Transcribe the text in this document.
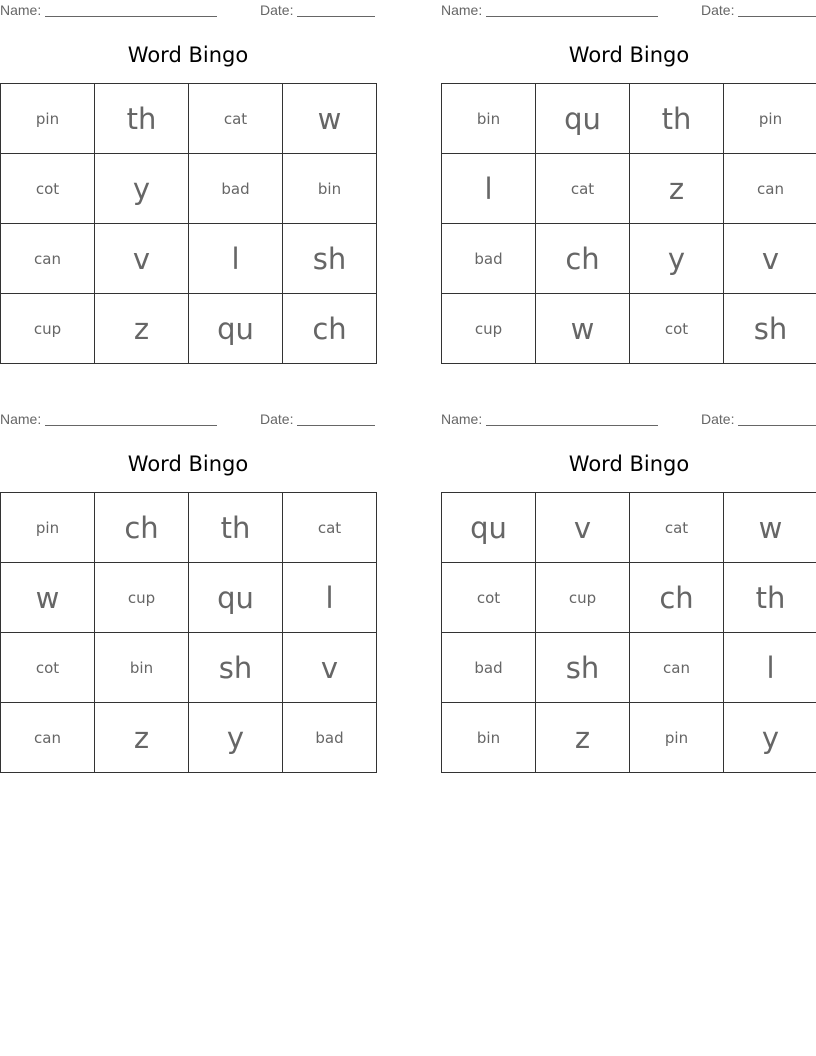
Name:	Date:
Word Bingo
pin	th	cat	w
cot	y	bad	bin
can	v	l	sh
cup	z	qu	ch
Name:	Date:
Word Bingo
bin	qu	th	pin
l	cat	z	can
bad	ch	y	v
cup	w	cot	sh
Name:	Date:
Word Bingo
pin	ch	th	cat
w	cup	qu	l
cot	bin	sh	v
can	z	y	bad
Name:	Date:
Word Bingo
qu	v	cat	w
cot	cup	ch	th
bad	sh	can	l
bin	z	pin	y
